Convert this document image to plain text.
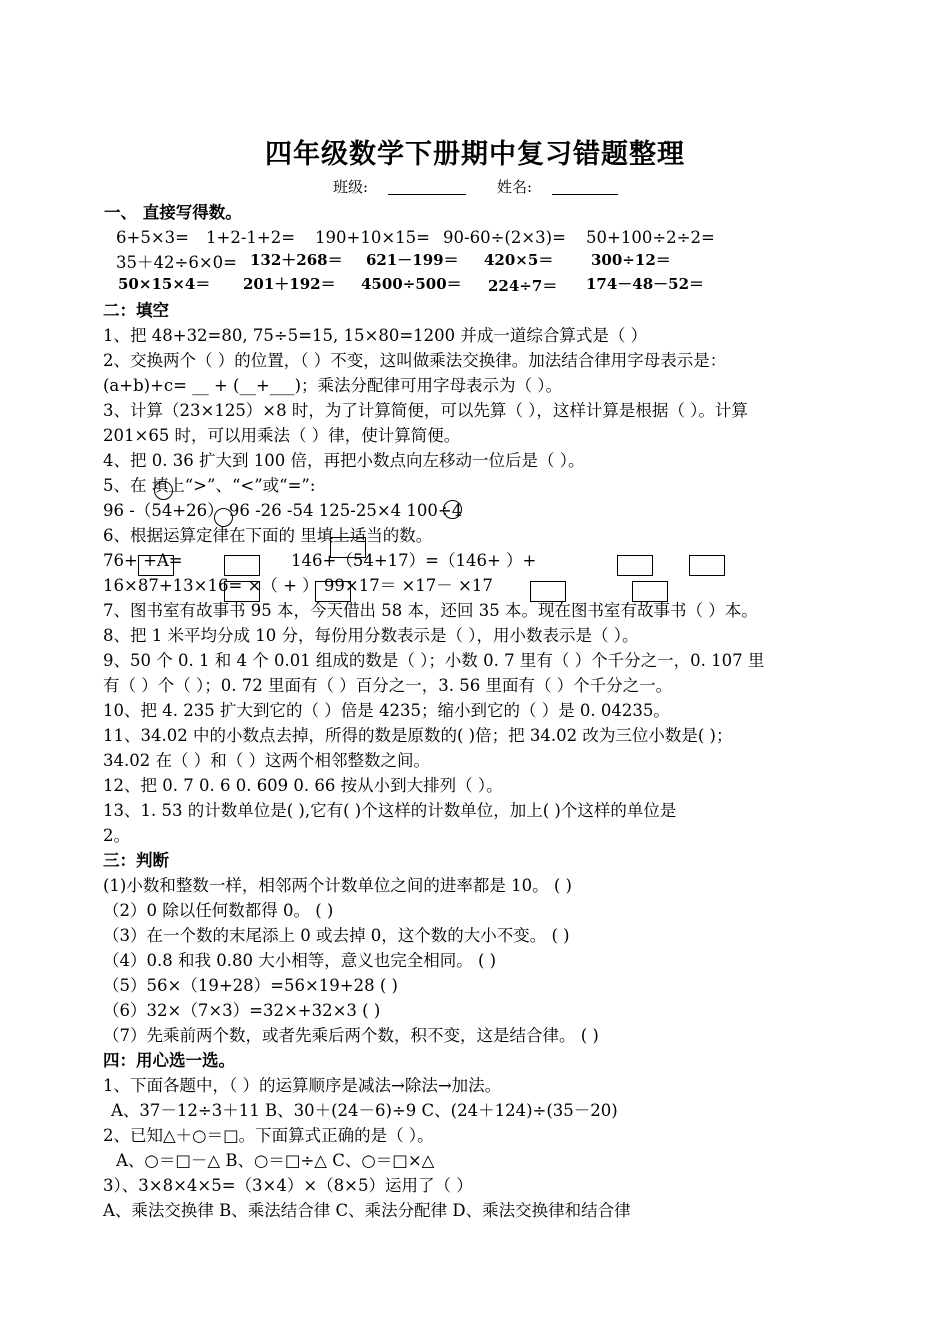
四年级数学下册期中复习错题整理
班级:	姓名:
一、 直接写得数。
6+5×3= 1+2-1+2= 190+10×15= 90-60÷(2×3)= 50+100÷2÷2=
35＋42÷6×0= 132＋268＝ 621－199＝ 420×5＝	300÷12＝
50×15×4＝ 201＋192＝ 4500÷500＝ 224÷7＝ 174－48－52＝
二：填空
1、把 48+32=80, 75÷5=15, 15×80=1200 并成一道综合算式是（ ）
2、交换两个（ ）的位置，（ ）不变，这叫做乘法交换律。加法结合律用字母表示是：
(a+b)+c= __ + (__+___)；乘法分配律可用字母表示为（ ）。
3、计算（23×125）×8 时，为了计算简便，可以先算（ ），这样计算是根据（ ）。计算
201×65 时，可以用乘法（ ）律，使计算简便。
4、把 0. 36 扩大到 100 倍，再把小数点向左移动一位后是（ ）。
5、在 填上“>”、“<”或“=”:
96 -（54+26） 96 -26 -54 125-25×4 100÷4
6、根据运算定律在下面的 里填上适当的数。
76+ +A=	146+（54+17）=（146+ ）+
16×87+13×16= ×（ + ） 99×17＝ ×17－ ×17
7、图书室有故事书 95 本，今天借出 58 本，还回 35 本。现在图书室有故事书（ ）本。
8、把 1 米平均分成 10 分，每份用分数表示是（ ），用小数表示是（ ）。
9、50 个 0. 1 和 4 个 0.01 组成的数是（ ）；小数 0. 7 里有（ ）个千分之一，0. 107 里
有（ ）个（ ）；0. 72 里面有（ ）百分之一，3. 56 里面有（ ）个千分之一。
10、把 4. 235 扩大到它的（ ）倍是 4235；缩小到它的（ ）是 0. 04235。
11、34.02 中的小数点去掉，所得的数是原数的( )倍；把 34.02 改为三位小数是( )；
34.02 在（ ）和（ ）这两个相邻整数之间。
12、把 0. 7 0. 6 0. 609 0. 66 按从小到大排列（ ）。
13、1. 53 的计数单位是( ),它有( )个这样的计数单位，加上( )个这样的单位是
2。
三：判断
(1)小数和整数一样，相邻两个计数单位之间的进率都是 10。 ( )
（2）0 除以任何数都得 0。 ( )
（3）在一个数的末尾添上 0 或去掉 0，这个数的大小不变。 ( )
（4）0.8 和我 0.80 大小相等，意义也完全相同。 ( )
（5）56×（19+28）=56×19+28 ( )
（6）32×（7×3）=32×+32×3 ( )
（7）先乘前两个数，或者先乘后两个数，积不变，这是结合律。 ( )
四：用心选一选。
1、下面各题中，（ ）的运算顺序是减法→除法→加法。
A、37－12÷3＋11 B、30＋(24－6)÷9 C、(24＋124)÷(35－20)
2、已知△＋○＝□。下面算式正确的是（ ）。
A、○＝□－△ B、○＝□÷△ C、○＝□×△
3）、3×8×4×5=（3×4）×（8×5）运用了（ ）
A、乘法交换律 B、乘法结合律 C、乘法分配律 D、乘法交换律和结合律
